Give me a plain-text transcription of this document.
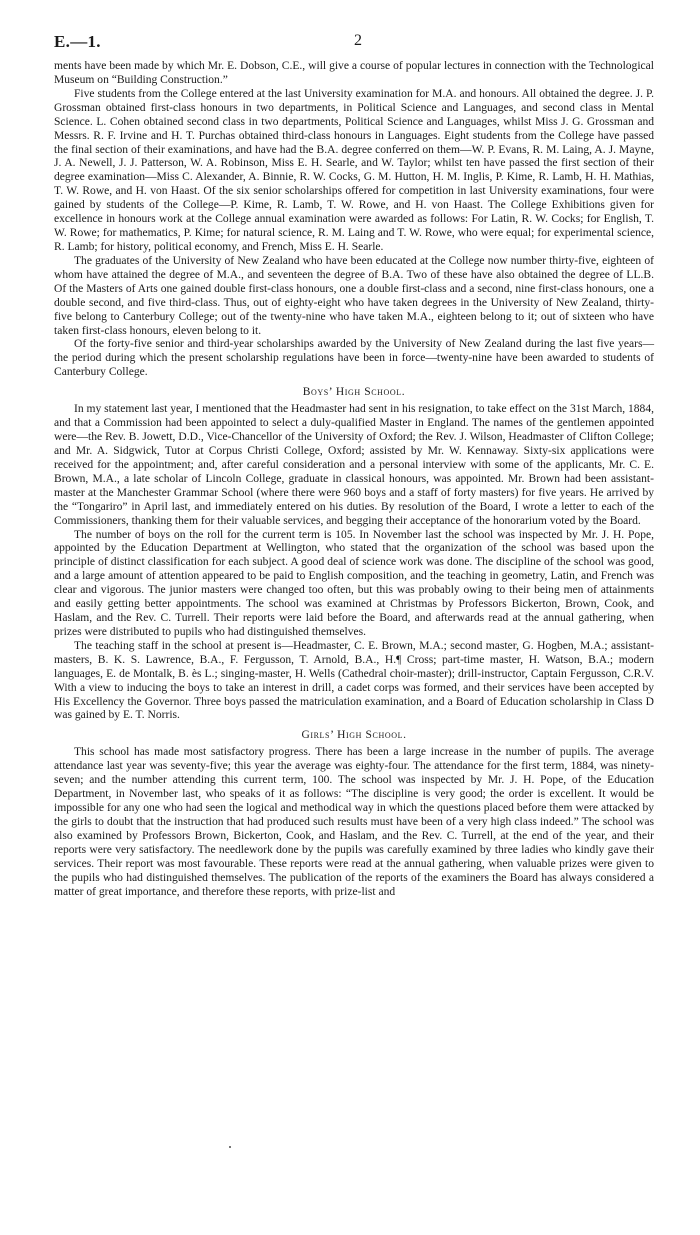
E.—1.	2

ments have been made by which Mr. E. Dobson, C.E., will give a course of popular lectures in connection with the Technological Museum on “Building Construction.”

Five students from the College entered at the last University examination for M.A. and honours. All obtained the degree. J. P. Grossman obtained first-class honours in two departments, in Political Science and Languages, and second class in Mental Science. L. Cohen obtained second class in two departments, Political Science and Languages, whilst Miss J. G. Grossman and Messrs. R. F. Irvine and H. T. Purchas obtained third-class honours in Languages. Eight students from the College have passed the final section of their examinations, and have had the B.A. degree conferred on them—W. P. Evans, R. M. Laing, A. J. Mayne, J. A. Newell, J. J. Patterson, W. A. Robinson, Miss E. H. Searle, and W. Taylor; whilst ten have passed the first section of their degree examination—Miss C. Alexander, A. Binnie, R. W. Cocks, G. M. Hutton, H. M. Inglis, P. Kime, R. Lamb, H. H. Mathias, T. W. Rowe, and H. von Haast. Of the six senior scholarships offered for competition in last University examinations, four were gained by students of the College—P. Kime, R. Lamb, T. W. Rowe, and H. von Haast. The College Exhibitions given for excellence in honours work at the College annual examination were awarded as follows: For Latin, R. W. Cocks; for English, T. W. Rowe; for mathematics, P. Kime; for natural science, R. M. Laing and T. W. Rowe, who were equal; for experimental science, R. Lamb; for history, political economy, and French, Miss E. H. Searle.

The graduates of the University of New Zealand who have been educated at the College now number thirty-five, eighteen of whom have attained the degree of M.A., and seventeen the degree of B.A. Two of these have also obtained the degree of LL.B. Of the Masters of Arts one gained double first-class honours, one a double first-class and a second, nine first-class honours, one a double second, and five third-class. Thus, out of eighty-eight who have taken degrees in the University of New Zealand, thirty-five belong to Canterbury College; out of the twenty-nine who have taken M.A., eighteen belong to it; out of sixteen who have taken first-class honours, eleven belong to it.

Of the forty-five senior and third-year scholarships awarded by the University of New Zealand during the last five years—the period during which the present scholarship regulations have been in force—twenty-nine have been awarded to students of Canterbury College.

Boys’ High School.

In my statement last year, I mentioned that the Headmaster had sent in his resignation, to take effect on the 31st March, 1884, and that a Commission had been appointed to select a duly-qualified Master in England. The names of the gentlemen appointed were—the Rev. B. Jowett, D.D., Vice-Chancellor of the University of Oxford; the Rev. J. Wilson, Headmaster of Clifton College; and Mr. A. Sidgwick, Tutor at Corpus Christi College, Oxford; assisted by Mr. W. Kennaway. Sixty-six applications were received for the appointment; and, after careful consideration and a personal interview with some of the applicants, Mr. C. E. Brown, M.A., a late scholar of Lincoln College, graduate in classical honours, was appointed. Mr. Brown had been assistant-master at the Manchester Grammar School (where there were 960 boys and a staff of forty masters) for five years. He arrived by the “Tongariro” in April last, and immediately entered on his duties. By resolution of the Board, I wrote a letter to each of the Commissioners, thanking them for their valuable services, and begging their acceptance of the honorarium voted by the Board.

The number of boys on the roll for the current term is 105. In November last the school was inspected by Mr. J. H. Pope, appointed by the Education Department at Wellington, who stated that the organization of the school was based upon the principle of distinct classification for each subject. A good deal of science work was done. The discipline of the school was good, and a large amount of attention appeared to be paid to English composition, and the teaching in geometry, Latin, and French was clear and vigorous. The junior masters were changed too often, but this was probably owing to their being men of attainments and easily getting better appointments. The school was examined at Christmas by Professors Bickerton, Brown, Cook, and Haslam, and the Rev. C. Turrell. Their reports were laid before the Board, and afterwards read at the annual gathering, when prizes were distributed to pupils who had distinguished themselves.

The teaching staff in the school at present is—Headmaster, C. E. Brown, M.A.; second master, G. Hogben, M.A.; assistant-masters, B. K. S. Lawrence, B.A., F. Fergusson, T. Arnold, B.A., H.¶ Cross; part-time master, H. Watson, B.A.; modern languages, E. de Montalk, B. ès L.; singing-master, H. Wells (Cathedral choir-master); drill-instructor, Captain Fergusson, C.R.V. With a view to inducing the boys to take an interest in drill, a cadet corps was formed, and their services have been accepted by His Excellency the Governor. Three boys passed the matriculation examination, and a Board of Education scholarship in Class D was gained by E. T. Norris.

Girls’ High School.

This school has made most satisfactory progress. There has been a large increase in the number of pupils. The average attendance last year was seventy-five; this year the average was eighty-four. The attendance for the first term, 1884, was ninety-seven; and the number attending this current term, 100. The school was inspected by Mr. J. H. Pope, of the Education Department, in November last, who speaks of it as follows: “The discipline is very good; the order is excellent. It would be impossible for any one who had seen the logical and methodical way in which the questions placed before them were attacked by the girls to doubt that the instruction that had produced such results must have been of a very high class indeed.” The school was also examined by Professors Brown, Bickerton, Cook, and Haslam, and the Rev. C. Turrell, at the end of the year, and their reports were very satisfactory. The needlework done by the pupils was carefully examined by three ladies who kindly gave their services. Their report was most favourable. These reports were read at the annual gathering, when valuable prizes were given to the pupils who had distinguished themselves. The publication of the reports of the examiners the Board has always considered a matter of great importance, and therefore these reports, with prize-list and
